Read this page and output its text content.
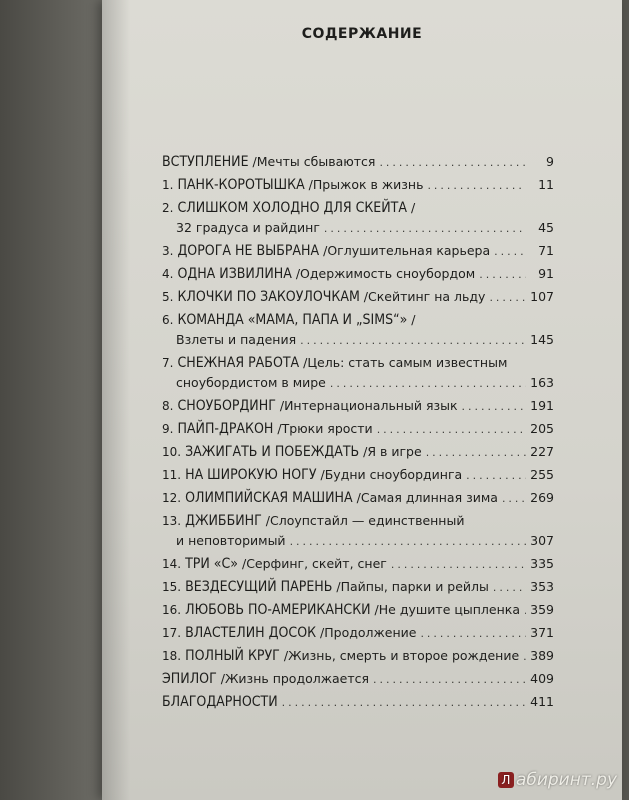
СОДЕРЖАНИЕ
ВСТУПЛЕНИЕ / Мечты сбываются .....	9
1. ПАНК-КОРОТЫШКА / Прыжок в жизнь .....	11
2. СЛИШКОМ ХОЛОДНО ДЛЯ СКЕЙТА /
32 градуса и райдинг .....	45
3. ДОРОГА НЕ ВЫБРАНА / Оглушительная карьера .....	71
4. ОДНА ИЗВИЛИНА / Одержимость сноубордом .....	91
5. КЛОЧКИ ПО ЗАКОУЛОЧКАМ / Скейтинг на льду .....	107
6. КОМАНДА «МАМА, ПАПА И „SIMS“» /
Взлеты и падения .....	145
7. СНЕЖНАЯ РАБОТА / Цель: стать самым известным
сноубордистом в мире .....	163
8. СНОУБОРДИНГ / Интернациональный язык .....	191
9. ПАЙП-ДРАКОН / Трюки ярости .....	205
10. ЗАЖИГАТЬ И ПОБЕЖДАТЬ / Я в игре .....	227
11. НА ШИРОКУЮ НОГУ / Будни сноубординга .....	255
12. ОЛИМПИЙСКАЯ МАШИНА / Самая длинная зима .....	269
13. ДЖИББИНГ / Слоупстайл — единственный
и неповторимый .....	307
14. ТРИ «С» / Серфинг, скейт, снег .....	335
15. ВЕЗДЕСУЩИЙ ПАРЕНЬ / Пайпы, парки и рейлы .....	353
16. ЛЮБОВЬ ПО-АМЕРИКАНСКИ / Не душите цыпленка ..... 359
17. ВЛАСТЕЛИН ДОСОК / Продолжение .....	371
18. ПОЛНЫЙ КРУГ / Жизнь, смерть и второе рождение ..... 389
ЭПИЛОГ / Жизнь продолжается .....	409
БЛАГОДАРНОСТИ .....	411
Л абиринт.ру
